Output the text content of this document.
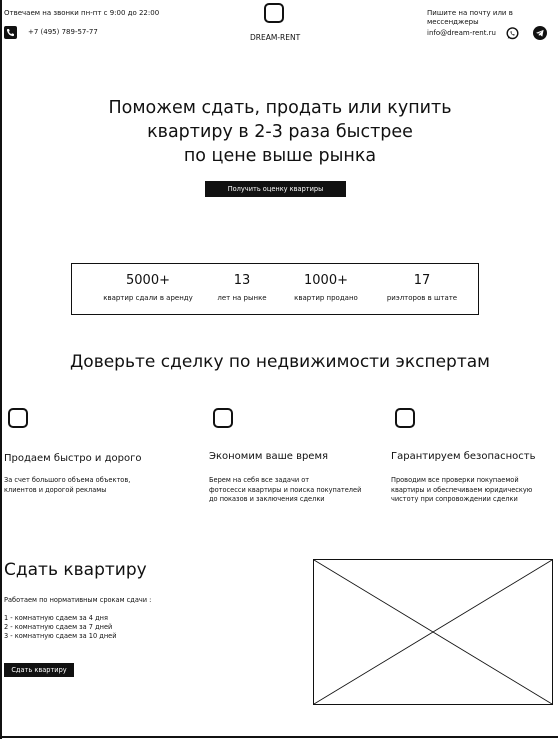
Отвечаем на звонки пн-пт с 9:00 до 22:00
+7 (495) 789-57-77
DREAM-RENT
Пишите на почту или в мессенджеры
info@dream-rent.ru
Поможем сдать, продать или купить
квартиру в 2-3 раза быстрее
по цене выше рынка
Получить оценку квартиры
5000+
квартир сдали в аренду
13
лет на рынке
1000+
квартир продано
17
риэлторов в штате
Доверьте сделку по недвижимости экспертам
Продаем быстро и дорого
За счет большого объема объектов,
клиентов и дорогой рекламы
Экономим ваше время
Берем на себя все задачи от
фотосесси квартиры и поиска покупателей
до показов и заключения сделки
Гарантируем безопасность
Проводим все проверки покупаемой
квартиры и обеспечиваем юридическую
чистоту при сопровождении сделки
Сдать квартиру
Работаем по нормативным срокам сдачи :
1 - комнатную сдаем за 4 дня
2 - комнатную сдаем за 7 дней
3 - комнатную сдаем за 10 дней
Сдать квартиру
